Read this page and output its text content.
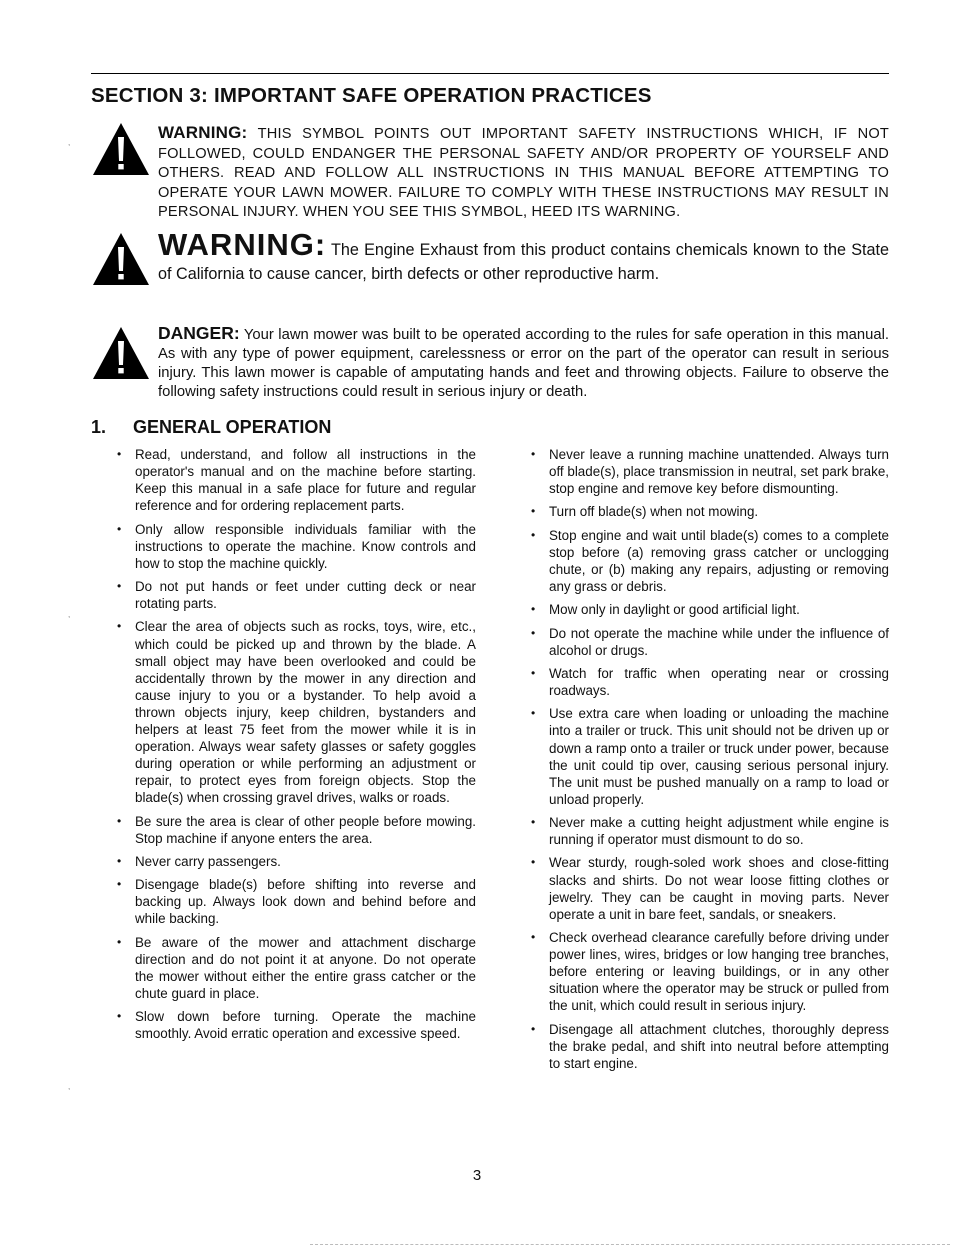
SECTION 3: IMPORTANT SAFE OPERATION PRACTICES
WARNING: THIS SYMBOL POINTS OUT IMPORTANT SAFETY INSTRUCTIONS WHICH, IF NOT FOLLOWED, COULD ENDANGER THE PERSONAL SAFETY AND/OR PROPERTY OF YOURSELF AND OTHERS. READ AND FOLLOW ALL INSTRUCTIONS IN THIS MANUAL BEFORE ATTEMPTING TO OPERATE YOUR LAWN MOWER. FAILURE TO COMPLY WITH THESE INSTRUCTIONS MAY RESULT IN PERSONAL INJURY. WHEN YOU SEE THIS SYMBOL, HEED ITS WARNING.
WARNING: The Engine Exhaust from this product contains chemicals known to the State of California to cause cancer, birth defects or other reproductive harm.
DANGER: Your lawn mower was built to be operated according to the rules for safe operation in this manual. As with any type of power equipment, carelessness or error on the part of the operator can result in serious injury. This lawn mower is capable of amputating hands and feet and throwing objects. Failure to observe the following safety instructions could result in serious injury or death.
1. GENERAL OPERATION
• Read, understand, and follow all instructions in the operator's manual and on the machine before starting. Keep this manual in a safe place for future and regular reference and for ordering replacement parts.
• Only allow responsible individuals familiar with the instructions to operate the machine. Know controls and how to stop the machine quickly.
• Do not put hands or feet under cutting deck or near rotating parts.
• Clear the area of objects such as rocks, toys, wire, etc., which could be picked up and thrown by the blade. A small object may have been overlooked and could be accidentally thrown by the mower in any direction and cause injury to you or a bystander. To help avoid a thrown objects injury, keep children, bystanders and helpers at least 75 feet from the mower while it is in operation. Always wear safety glasses or safety goggles during operation or while performing an adjustment or repair, to protect eyes from foreign objects. Stop the blade(s) when crossing gravel drives, walks or roads.
• Be sure the area is clear of other people before mowing. Stop machine if anyone enters the area.
• Never carry passengers.
• Disengage blade(s) before shifting into reverse and backing up. Always look down and behind before and while backing.
• Be aware of the mower and attachment discharge direction and do not point it at anyone. Do not operate the mower without either the entire grass catcher or the chute guard in place.
• Slow down before turning. Operate the machine smoothly. Avoid erratic operation and excessive speed.
• Never leave a running machine unattended. Always turn off blade(s), place transmission in neutral, set park brake, stop engine and remove key before dismounting.
• Turn off blade(s) when not mowing.
• Stop engine and wait until blade(s) comes to a complete stop before (a) removing grass catcher or unclogging chute, or (b) making any repairs, adjusting or removing any grass or debris.
• Mow only in daylight or good artificial light.
• Do not operate the machine while under the influence of alcohol or drugs.
• Watch for traffic when operating near or crossing roadways.
• Use extra care when loading or unloading the machine into a trailer or truck. This unit should not be driven up or down a ramp onto a trailer or truck under power, because the unit could tip over, causing serious personal injury. The unit must be pushed manually on a ramp to load or unload properly.
• Never make a cutting height adjustment while engine is running if operator must dismount to do so.
• Wear sturdy, rough-soled work shoes and close-fitting slacks and shirts. Do not wear loose fitting clothes or jewelry. They can be caught in moving parts. Never operate a unit in bare feet, sandals, or sneakers.
• Check overhead clearance carefully before driving under power lines, wires, bridges or low hanging tree branches, before entering or leaving buildings, or in any other situation where the operator may be struck or pulled from the unit, which could result in serious injury.
• Disengage all attachment clutches, thoroughly depress the brake pedal, and shift into neutral before attempting to start engine.
3
,
,
,
